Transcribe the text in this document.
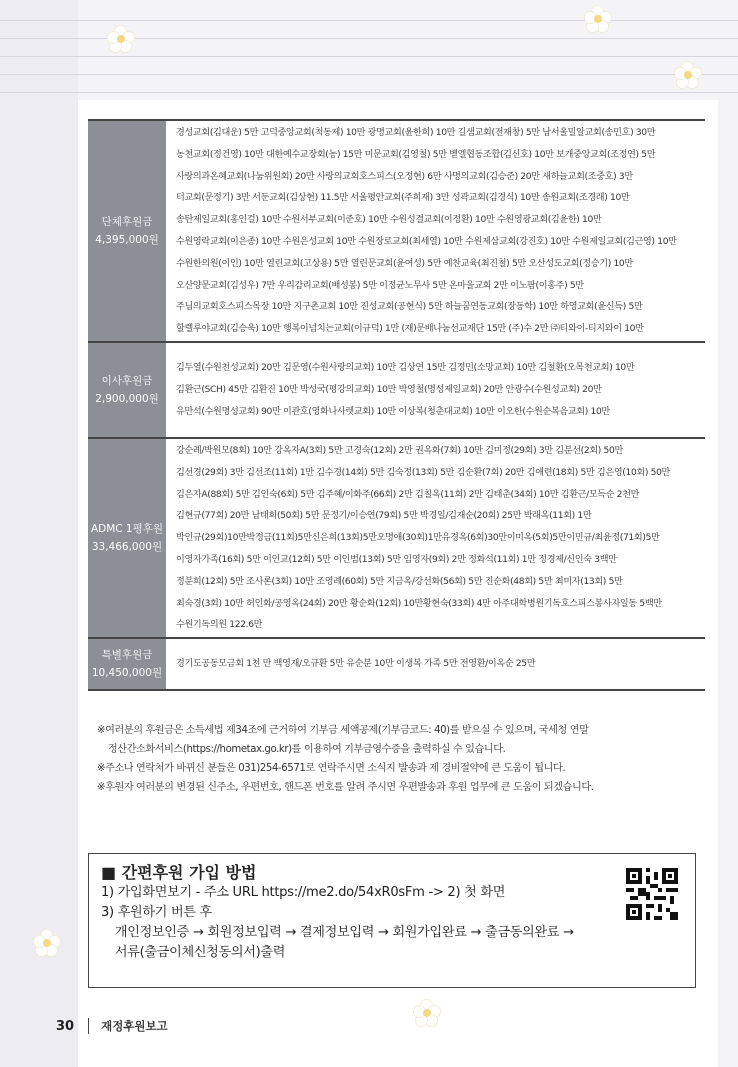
단체후원금
4,395,000원
경성교회(김대운) 5만 고덕중앙교회(척동제) 10만 광명교회(윤한희) 10만 길샘교회(전재창) 5만 남서울밀알교회(송민호) 30만
농천교회(정건영) 10만 대한예수교장회(농) 15만 미문교회(김영철) 5만 벧엘협동조합(김신호) 10만 보개중앙교회(조정연) 5만
사랑의과온혜교회(나눔위원회) 20만 사랑의교회호스피스(오정현) 6만 사명의교회(김승준) 20만 새하늘교회(조중호) 3만
터교회(문정기) 3만 서둔교회(김상현) 11.5만 서울평안교회(주희재) 3만 성곽교회(김경식) 10만 송원교회(조경래) 10만
송탄제일교회(홍인걸) 10만 수원서부교회(이준호) 10만 수원성결교회(이정환) 10만 수원영광교회(김윤한) 10만
수원영락교회(이은종) 10만 수원은성교회 10만 수원장로교회(최세열) 10만 수원제삼교회(강진호) 10만 수원제일교회(김근영) 10만
수원한의원(이인) 10만 열린교회(고상용) 5만 열린문교회(윤여성) 5만 예찬교육(최진철) 5만 오산성도교회(정승기) 10만
오산양문교회(김성우) 7만 우리감리교회(배성봉) 5만 이정균노무사 5만 온마을교회 2만 이노팜(이홍주) 5만
주님의교회호스피스목장 10만 지구촌교회 10만 진성교회(공현식) 5만 하늘꿈연동교회(장동학) 10만 하영교회(윤신득) 5만
할렐루야교회(김승욱) 10만 행복이넘치는교회(이규덕) 1만 (재)문배나눔선교재단 15만 (주)수 2만 ㈜티와이-티지와이 10만
이사후원금
2,900,000원
김두열(수원천성교회) 20만 김문영(수원사랑의교회) 10만 김상연 15만 김정민(소망교회) 10만 김철환(오목천교회) 10만
김환근(SCH) 45만 김환진 10만 박성국(평강의교회) 10만 박영철(명성제일교회) 20만 안광수(수원성교회) 20만
유만석(수원명성교회) 90만 이관호(영화나사렛교회) 10만 이상복(청춘대교회) 10만 이오한(수원순복음교회) 10만
ADMC 1평후원
33,466,000원
강순례/박원모(8회) 10만 강옥자A(3회) 5만 고경숙(12회) 2만 권옥화(7회) 10만 김미정(29회) 3만 김분선(2회) 50만
김선경(29회) 3만 김선조(11회) 1만 김수경(14회) 5만 김숙정(13회) 5만 김순환(7회) 20만 김애련(18회) 5만 김은영(10회) 50만
김은자A(88회) 5만 김인숙(6회) 5만 김주혜/이화주(66회) 2만 김칠옥(11회) 2만 김태춘(34회) 10만 김환근/모득순 2천만
김현규(77회) 20만 남태희(50회) 5만 문정기/이승연(79회) 5만 박경일/김재순(20회) 25만 박래옥(11회) 1만
박인규(29회)10만박정금(11회)5만신은희(13회)5만오명애(30회)1만유경옥(6회)30만이미옥(5회)5만이민규/최윤정(71회)5만
이영자가족(16회) 5만 이인교(12회) 5만 이인범(13회) 5만 임영자(9회) 2만 정화석(11회) 1만 정경제/신인숙 3백만
정분희(12회) 5만 조사론(3회) 10만 조영례(60회) 5만 지금옥/강선화(56회) 5만 진순화(48회) 5만 최미자(13회) 5만
최숙경(3회) 10만 허인화/공영옥(24회) 20만 황순화(12회) 10만황현숙(33회) 4만 아주대학병원기독호스피스봉사자일동 5백만
수원기독의원 122.6만
특별후원금
10,450,000원
경기도공동모금회 1천 만 백영재/오규환 5만 유순분 10만 이생복 가족 5만 전영환/이옥순 25만
※여러분의 후원금은 소득세법 제34조에 근거하여 기부금 세액공제(기부금코드: 40)를 받으실 수 있으며, 국세청 연말
정산간소화서비스(https://hometax.go.kr)를 이용하여 기부금영수증을 출력하실 수 있습니다.
※주소나 연락처가 바뀌신 분들은 031)254-6571로 연락주시면 소식지 발송과 제 경비절약에 큰 도움이 됩니다.
※후원자 여러분의 변경된 신주소, 우편번호, 핸드폰 번호를 알려 주시면 우편발송과 후원 업무에 큰 도움이 되겠습니다.
■ 간편후원 가입 방법
1) 가입화면보기 - 주소 URL https://me2.do/54xR0sFm -> 2) 첫 화면
3) 후원하기 버튼 후
개인정보인증 → 회원정보입력 → 결제정보입력 → 회원가입완료 → 출금동의완료 →
서류(출금이체신청동의서)출력
30 재정후원보고
